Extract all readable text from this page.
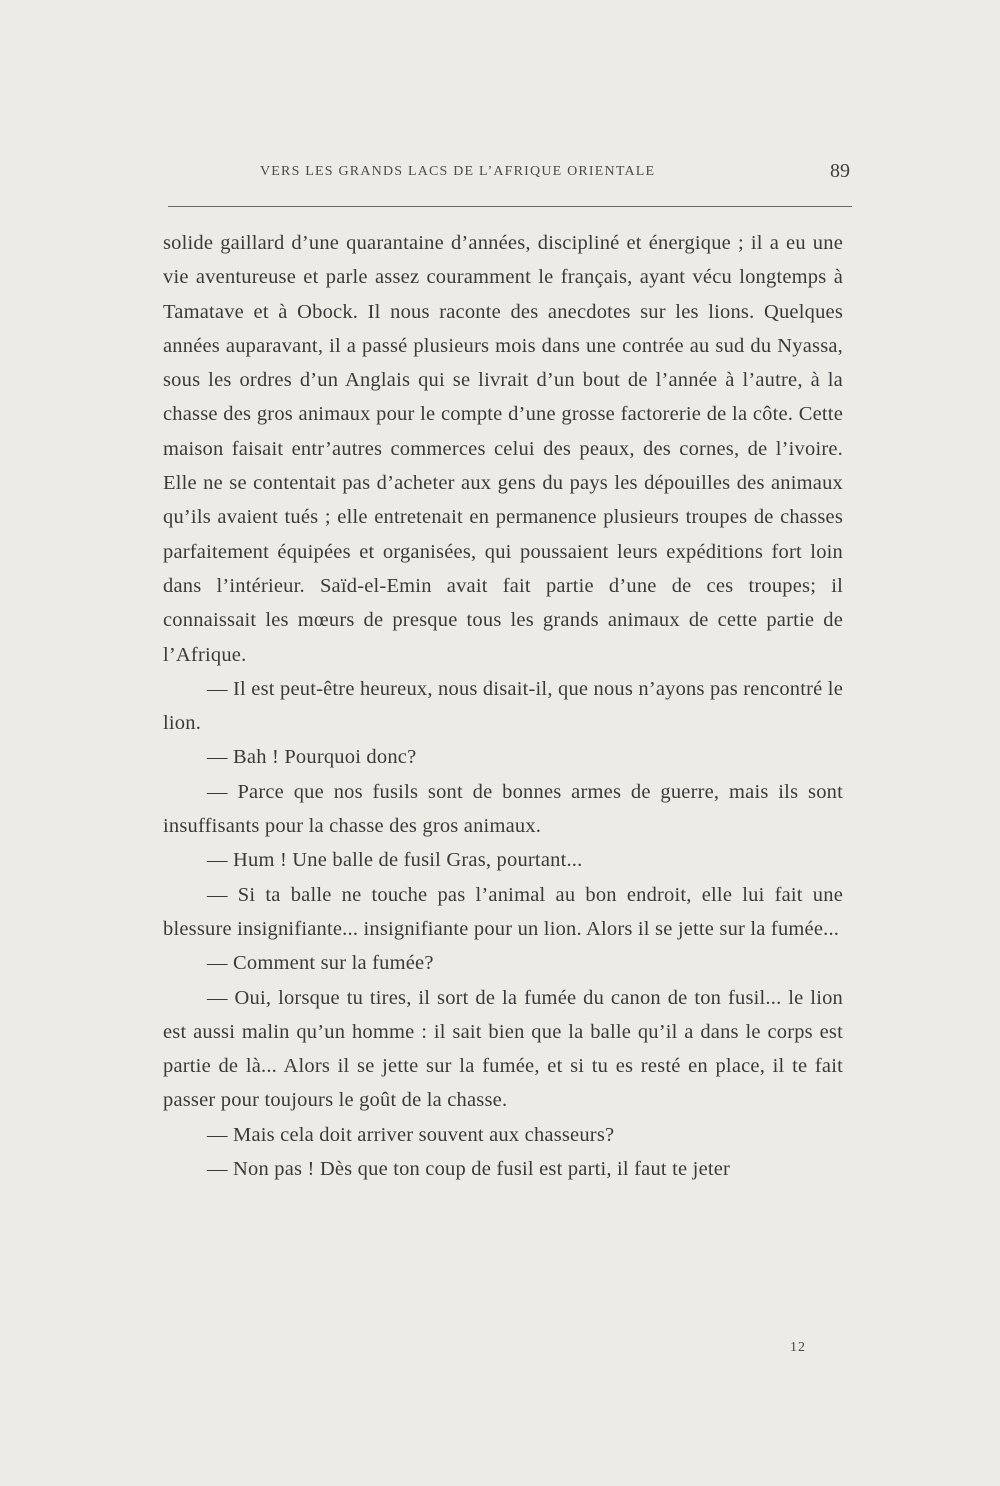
VERS LES GRANDS LACS DE L’AFRIQUE ORIENTALE	89

solide gaillard d’une quarantaine d’années, discipliné et énergique ; il a eu une vie aventureuse et parle assez couramment le français, ayant vécu longtemps à Tamatave et à Obock. Il nous raconte des anecdotes sur les lions. Quelques années auparavant, il a passé plusieurs mois dans une contrée au sud du Nyassa, sous les ordres d’un Anglais qui se livrait d’un bout de l’année à l’autre, à la chasse des gros animaux pour le compte d’une grosse factorerie de la côte. Cette maison faisait entr’autres commerces celui des peaux, des cornes, de l’ivoire. Elle ne se contentait pas d’acheter aux gens du pays les dépouilles des animaux qu’ils avaient tués ; elle entretenait en permanence plusieurs troupes de chasses parfaitement équipées et organisées, qui poussaient leurs expéditions fort loin dans l’intérieur. Saïd-el-Emin avait fait partie d’une de ces troupes; il connaissait les mœurs de presque tous les grands animaux de cette partie de l’Afrique.

— Il est peut-être heureux, nous disait-il, que nous n’ayons pas rencontré le lion.

— Bah ! Pourquoi donc?

— Parce que nos fusils sont de bonnes armes de guerre, mais ils sont insuffisants pour la chasse des gros animaux.

— Hum ! Une balle de fusil Gras, pourtant...

— Si ta balle ne touche pas l’animal au bon endroit, elle lui fait une blessure insignifiante... insignifiante pour un lion. Alors il se jette sur la fumée...

— Comment sur la fumée?

— Oui, lorsque tu tires, il sort de la fumée du canon de ton fusil... le lion est aussi malin qu’un homme : il sait bien que la balle qu’il a dans le corps est partie de là... Alors il se jette sur la fumée, et si tu es resté en place, il te fait passer pour toujours le goût de la chasse.

— Mais cela doit arriver souvent aux chasseurs?

— Non pas ! Dès que ton coup de fusil est parti, il faut te jeter

12
